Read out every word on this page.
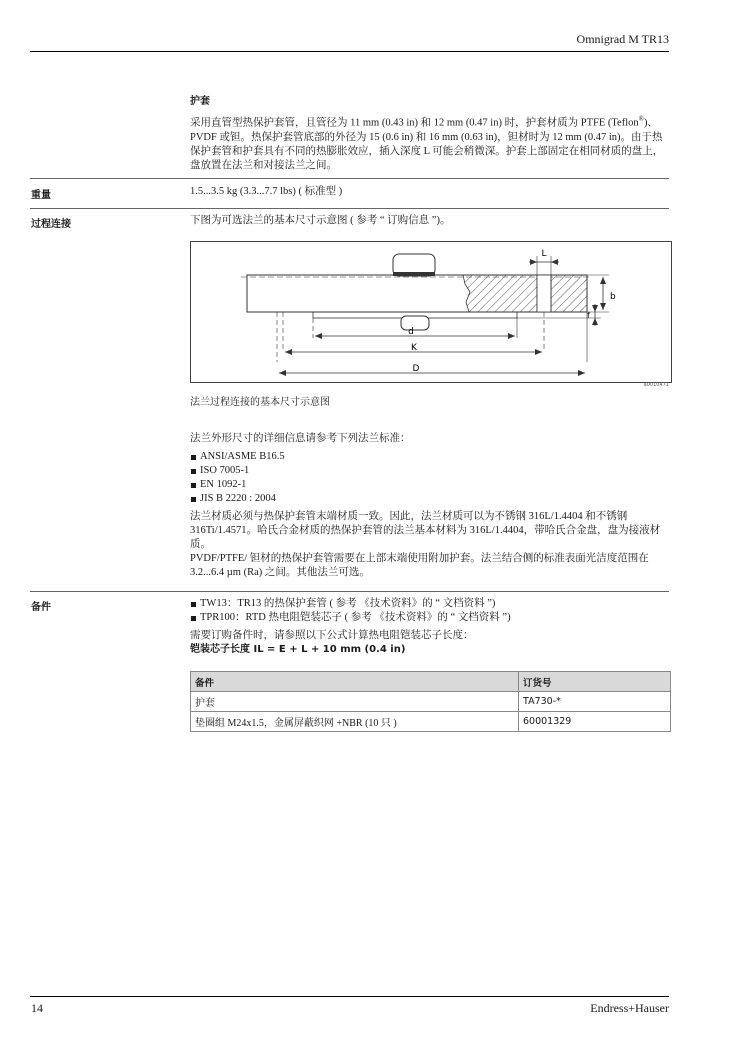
Omnigrad M TR13
护套

采用直管型热保护套管，且管径为 11 mm (0.43 in) 和 12 mm (0.47 in) 时，护套材质为 PTFE (Teflon®)、PVDF 或钽。热保护套管底部的外径为 15 (0.6 in) 和 16 mm (0.63 in)，钽材时为 12 mm (0.47 in)。由于热保护套管和护套具有不同的热膨胀效应，插入深度 L 可能会稍微深。护套上部固定在相同材质的盘上，盘放置在法兰和对接法兰之间。

重量	1.5...3.5 kg (3.3...7.7 lbs) ( 标准型 )
过程连接	下图为可选法兰的基本尺寸示意图 ( 参考 “ 订购信息 ”)。
L
b
f
d
K
D
a0010471
法兰过程连接的基本尺寸示意图

法兰外形尺寸的详细信息请参考下列法兰标准：

ANSI/ASME B16.5
ISO 7005-1
EN 1092-1
JIS B 2220 : 2004

法兰材质必须与热保护套管末端材质一致。因此，法兰材质可以为不锈钢 316L/1.4404 和不锈钢 316Ti/1.4571。哈氏合金材质的热保护套管的法兰基本材料为 316L/1.4404，带哈氏合金盘，盘为接液材质。

PVDF/PTFE/ 钽材的热保护套管需要在上部末端使用附加护套。法兰结合侧的标准表面光洁度范围在 3.2...6.4 µm (Ra) 之间。其他法兰可选。

备件	TW13：TR13 的热保护套管 ( 参考 《技术资料》的 “ 文档资料 ”)
TPR100：RTD 热电阻铠装芯子 ( 参考 《技术资料》的 “ 文档资料 ”)

需要订购备件时，请参照以下公式计算热电阻铠装芯子长度：

铠装芯子长度 IL = E + L + 10 mm (0.4 in)

备件	订货号
护套	TA730-*
垫圈组 M24x1.5，金属屏蔽织网 +NBR (10 只 )	60001329
14	Endress+Hauser
